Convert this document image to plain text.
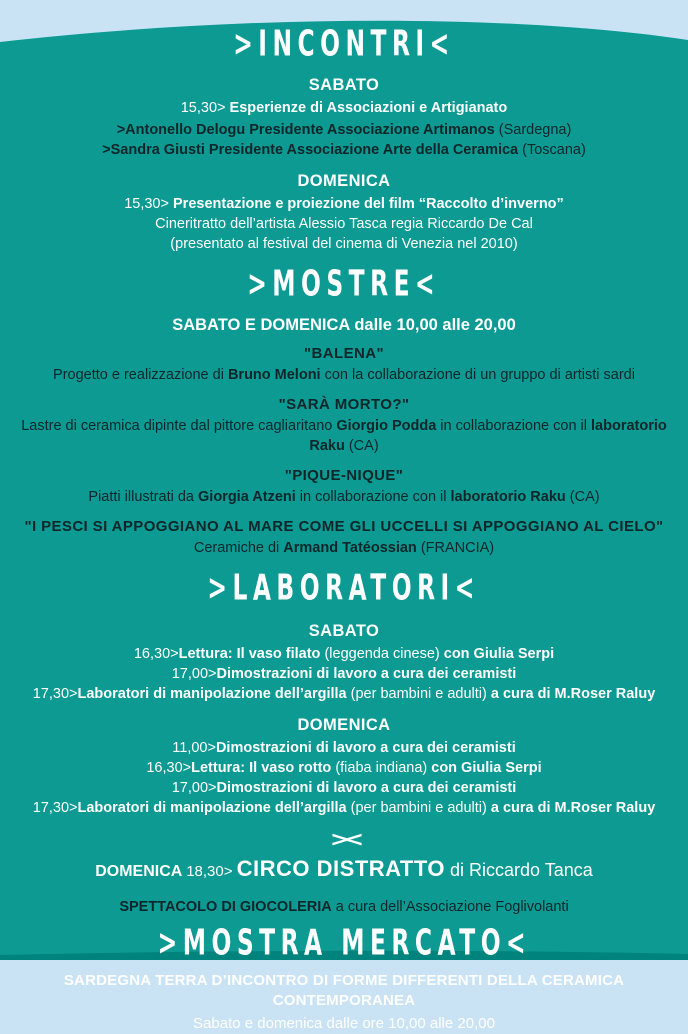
>INCONTRI<
SABATO
15,30> Esperienze di Associazioni e Artigianato
>Antonello Delogu Presidente Associazione Artimanos (Sardegna)
>Sandra Giusti Presidente Associazione Arte della Ceramica (Toscana)
DOMENICA
15,30> Presentazione e proiezione del film “Raccolto d’inverno”
Cineritratto dell’artista Alessio Tasca regia Riccardo De Cal
(presentato al festival del cinema di Venezia nel 2010)
>MOSTRE<
SABATO E DOMENICA dalle 10,00 alle 20,00
"BALENA"
Progetto e realizzazione di Bruno Meloni con la collaborazione di un gruppo di artisti sardi
"SARÀ MORTO?"
Lastre di ceramica dipinte dal pittore cagliaritano Giorgio Podda in collaborazione con il laboratorio Raku (CA)
"PIQUE-NIQUE"
Piatti illustrati da Giorgia Atzeni in collaborazione con il laboratorio Raku (CA)
"I PESCI SI APPOGGIANO AL MARE COME GLI UCCELLI SI APPOGGIANO AL CIELO"
Ceramiche di Armand Tatéossian (FRANCIA)
>LABORATORI<
SABATO
16,30>Lettura: Il vaso filato (leggenda cinese) con Giulia Serpi
17,00>Dimostrazioni di lavoro a cura dei ceramisti
17,30>Laboratori di manipolazione dell’argilla (per bambini e adulti) a cura di M.Roser Raluy
DOMENICA
11,00>Dimostrazioni di lavoro a cura dei ceramisti
16,30>Lettura: Il vaso rotto (fiaba indiana) con Giulia Serpi
17,00>Dimostrazioni di lavoro a cura dei ceramisti
17,30>Laboratori di manipolazione dell’argilla (per bambini e adulti) a cura di M.Roser Raluy
><
DOMENICA 18,30> CIRCO DISTRATTO di Riccardo Tanca
SPETTACOLO DI GIOCOLERIA a cura dell’Associazione Foglivolanti
>MOSTRA MERCATO<
SARDEGNA TERRA D’INCONTRO DI FORME DIFFERENTI DELLA CERAMICA CONTEMPORANEA
Sabato e domenica dalle ore 10,00 alle 20,00
